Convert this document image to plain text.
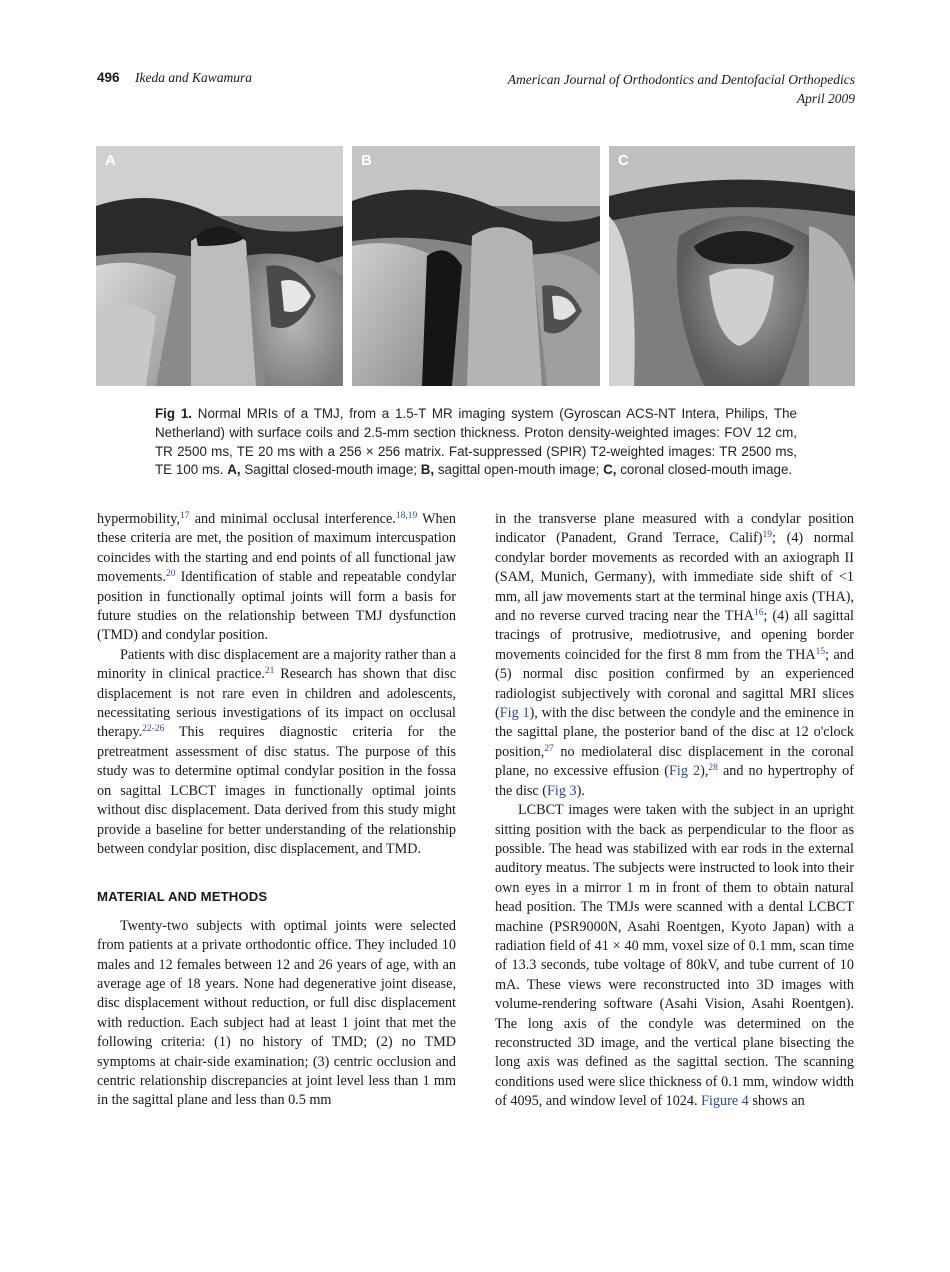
496 Ikeda and Kawamura	American Journal of Orthodontics and Dentofacial Orthopedics
April 2009
A	B	C
Fig 1. Normal MRIs of a TMJ, from a 1.5-T MR imaging system (Gyroscan ACS-NT Intera, Philips, The Netherland) with surface coils and 2.5-mm section thickness. Proton density-weighted images: FOV 12 cm, TR 2500 ms, TE 20 ms with a 256 × 256 matrix. Fat-suppressed (SPIR) T2-weighted images: TR 2500 ms, TE 100 ms. A, Sagittal closed-mouth image; B, sagittal open-mouth image; C, coronal closed-mouth image.

hypermobility,$^{17}$ and minimal occlusal interference.$^{18,19}$ When these criteria are met, the position of maximum intercuspation coincides with the starting and end points of all functional jaw movements.$^{20}$ Identification of stable and repeatable condylar position in functionally optimal joints will form a basis for future studies on the relationship between TMJ dysfunction (TMD) and condylar position.

Patients with disc displacement are a majority rather than a minority in clinical practice.$^{21}$ Research has shown that disc displacement is not rare even in children and adolescents, necessitating serious investigations of its impact on occlusal therapy.$^{22-26}$ This requires diagnostic criteria for the pretreatment assessment of disc status. The purpose of this study was to determine optimal condylar position in the fossa on sagittal LCBCT images in functionally optimal joints without disc displacement. Data derived from this study might provide a baseline for better understanding of the relationship between condylar position, disc displacement, and TMD.

MATERIAL AND METHODS

Twenty-two subjects with optimal joints were selected from patients at a private orthodontic office. They included 10 males and 12 females between 12 and 26 years of age, with an average age of 18 years. None had degenerative joint disease, disc displacement without reduction, or full disc displacement with reduction. Each subject had at least 1 joint that met the following criteria: (1) no history of TMD; (2) no TMD symptoms at chair-side examination; (3) centric occlusion and centric relationship discrepancies at joint level less than 1 mm in the sagittal plane and less than 0.5 mm

in the transverse plane measured with a condylar position indicator (Panadent, Grand Terrace, Calif)$^{19}$; (4) normal condylar border movements as recorded with an axiograph II (SAM, Munich, Germany), with immediate side shift of <1 mm, all jaw movements start at the terminal hinge axis (THA), and no reverse curved tracing near the THA$^{16}$; (4) all sagittal tracings of protrusive, mediotrusive, and opening border movements coincided for the first 8 mm from the THA$^{15}$; and (5) normal disc position confirmed by an experienced radiologist subjectively with coronal and sagittal MRI slices (Fig 1), with the disc between the condyle and the eminence in the sagittal plane, the posterior band of the disc at 12 o'clock position,$^{27}$ no mediolateral disc displacement in the coronal plane, no excessive effusion (Fig 2),$^{28}$ and no hypertrophy of the disc (Fig 3).

LCBCT images were taken with the subject in an upright sitting position with the back as perpendicular to the floor as possible. The head was stabilized with ear rods in the external auditory meatus. The subjects were instructed to look into their own eyes in a mirror 1 m in front of them to obtain natural head position. The TMJs were scanned with a dental LCBCT machine (PSR9000N, Asahi Roentgen, Kyoto Japan) with a radiation field of 41 × 40 mm, voxel size of 0.1 mm, scan time of 13.3 seconds, tube voltage of 80kV, and tube current of 10 mA. These views were reconstructed into 3D images with volume-rendering software (Asahi Vision, Asahi Roentgen). The long axis of the condyle was determined on the reconstructed 3D image, and the vertical plane bisecting the long axis was defined as the sagittal section. The scanning conditions used were slice thickness of 0.1 mm, window width of 4095, and window level of 1024. Figure 4 shows an
